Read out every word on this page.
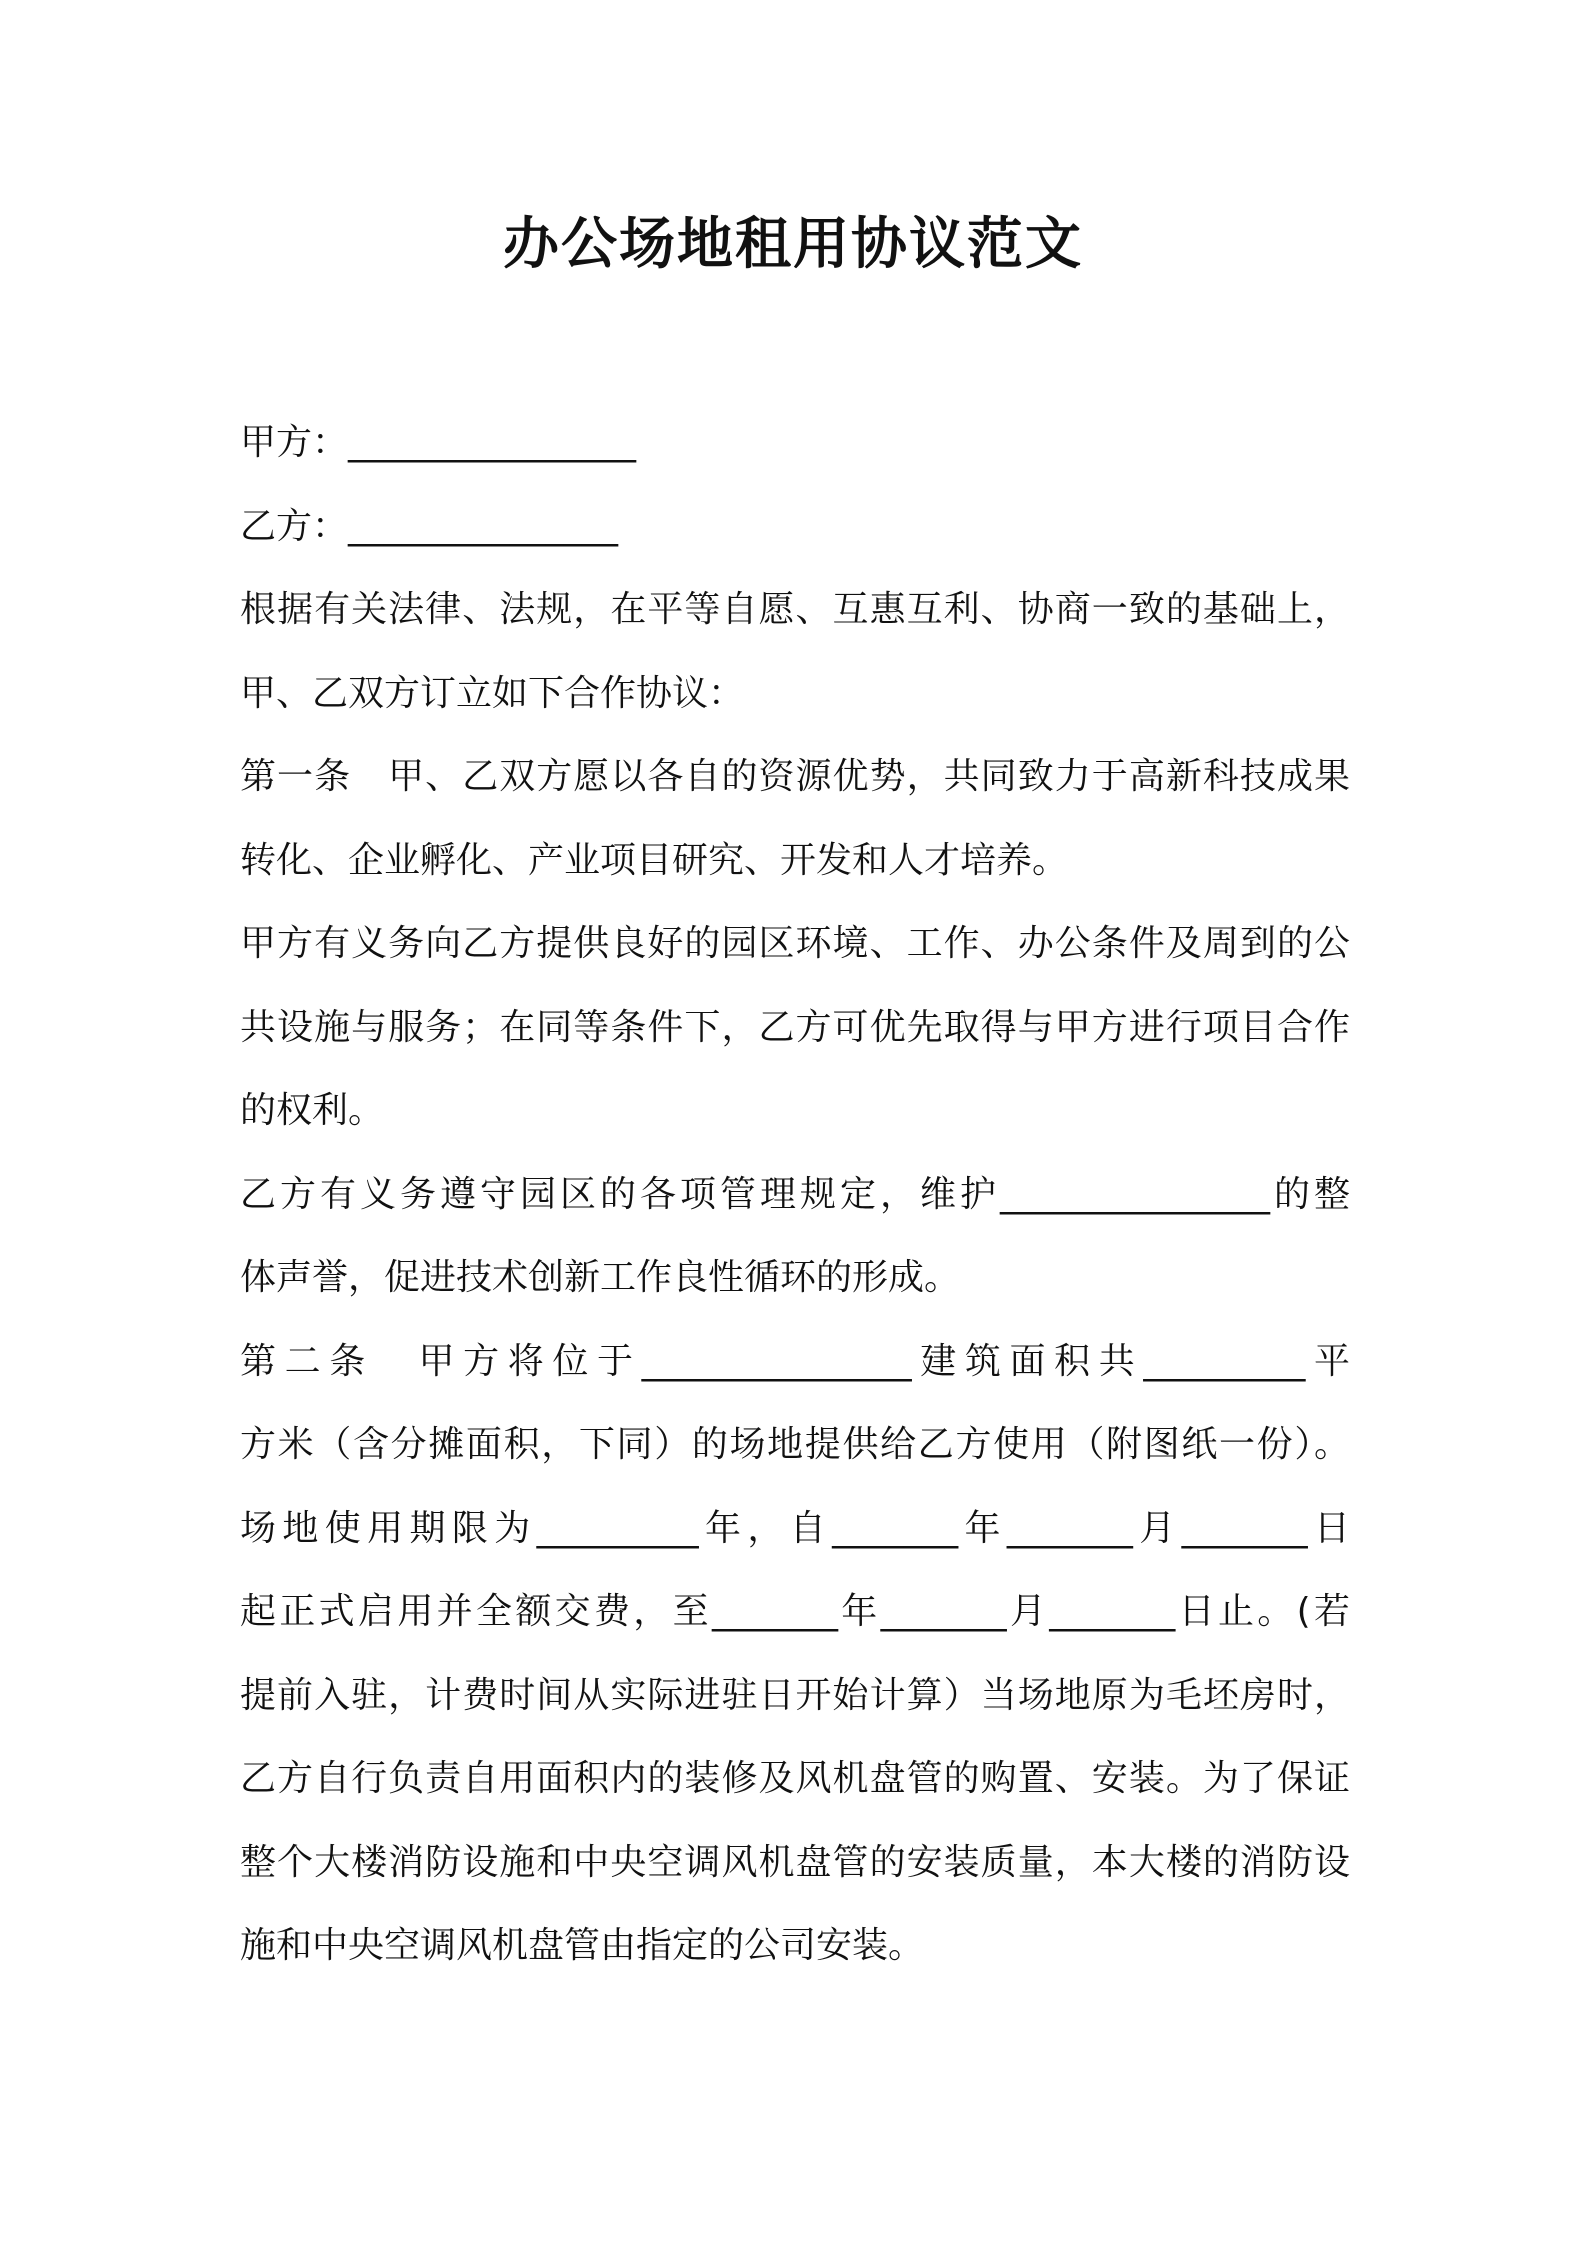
办公场地租用协议范文
甲方：________________
乙方：_______________
根据有关法律、法规，在平等自愿、互惠互利、协商一致的基础上，
甲、乙双方订立如下合作协议：
第一条　甲、乙双方愿以各自的资源优势，共同致力于高新科技成果
转化、企业孵化、产业项目研究、开发和人才培养。
甲方有义务向乙方提供良好的园区环境、工作、办公条件及周到的公
共设施与服务；在同等条件下，乙方可优先取得与甲方进行项目合作
的权利。
乙方有义务遵守园区的各项管理规定，维护_______________的整
体声誉，促进技术创新工作良性循环的形成。
第二条　甲方将位于_______________建筑面积共_________平
方米（含分摊面积，下同）的场地提供给乙方使用（附图纸一份）。
场地使用期限为_________年，自_______年_______月_______日
起正式启用并全额交费，至_______年_______月_______日止。(若
提前入驻，计费时间从实际进驻日开始计算）当场地原为毛坯房时，
乙方自行负责自用面积内的装修及风机盘管的购置、安装。为了保证
整个大楼消防设施和中央空调风机盘管的安装质量，本大楼的消防设
施和中央空调风机盘管由指定的公司安装。
